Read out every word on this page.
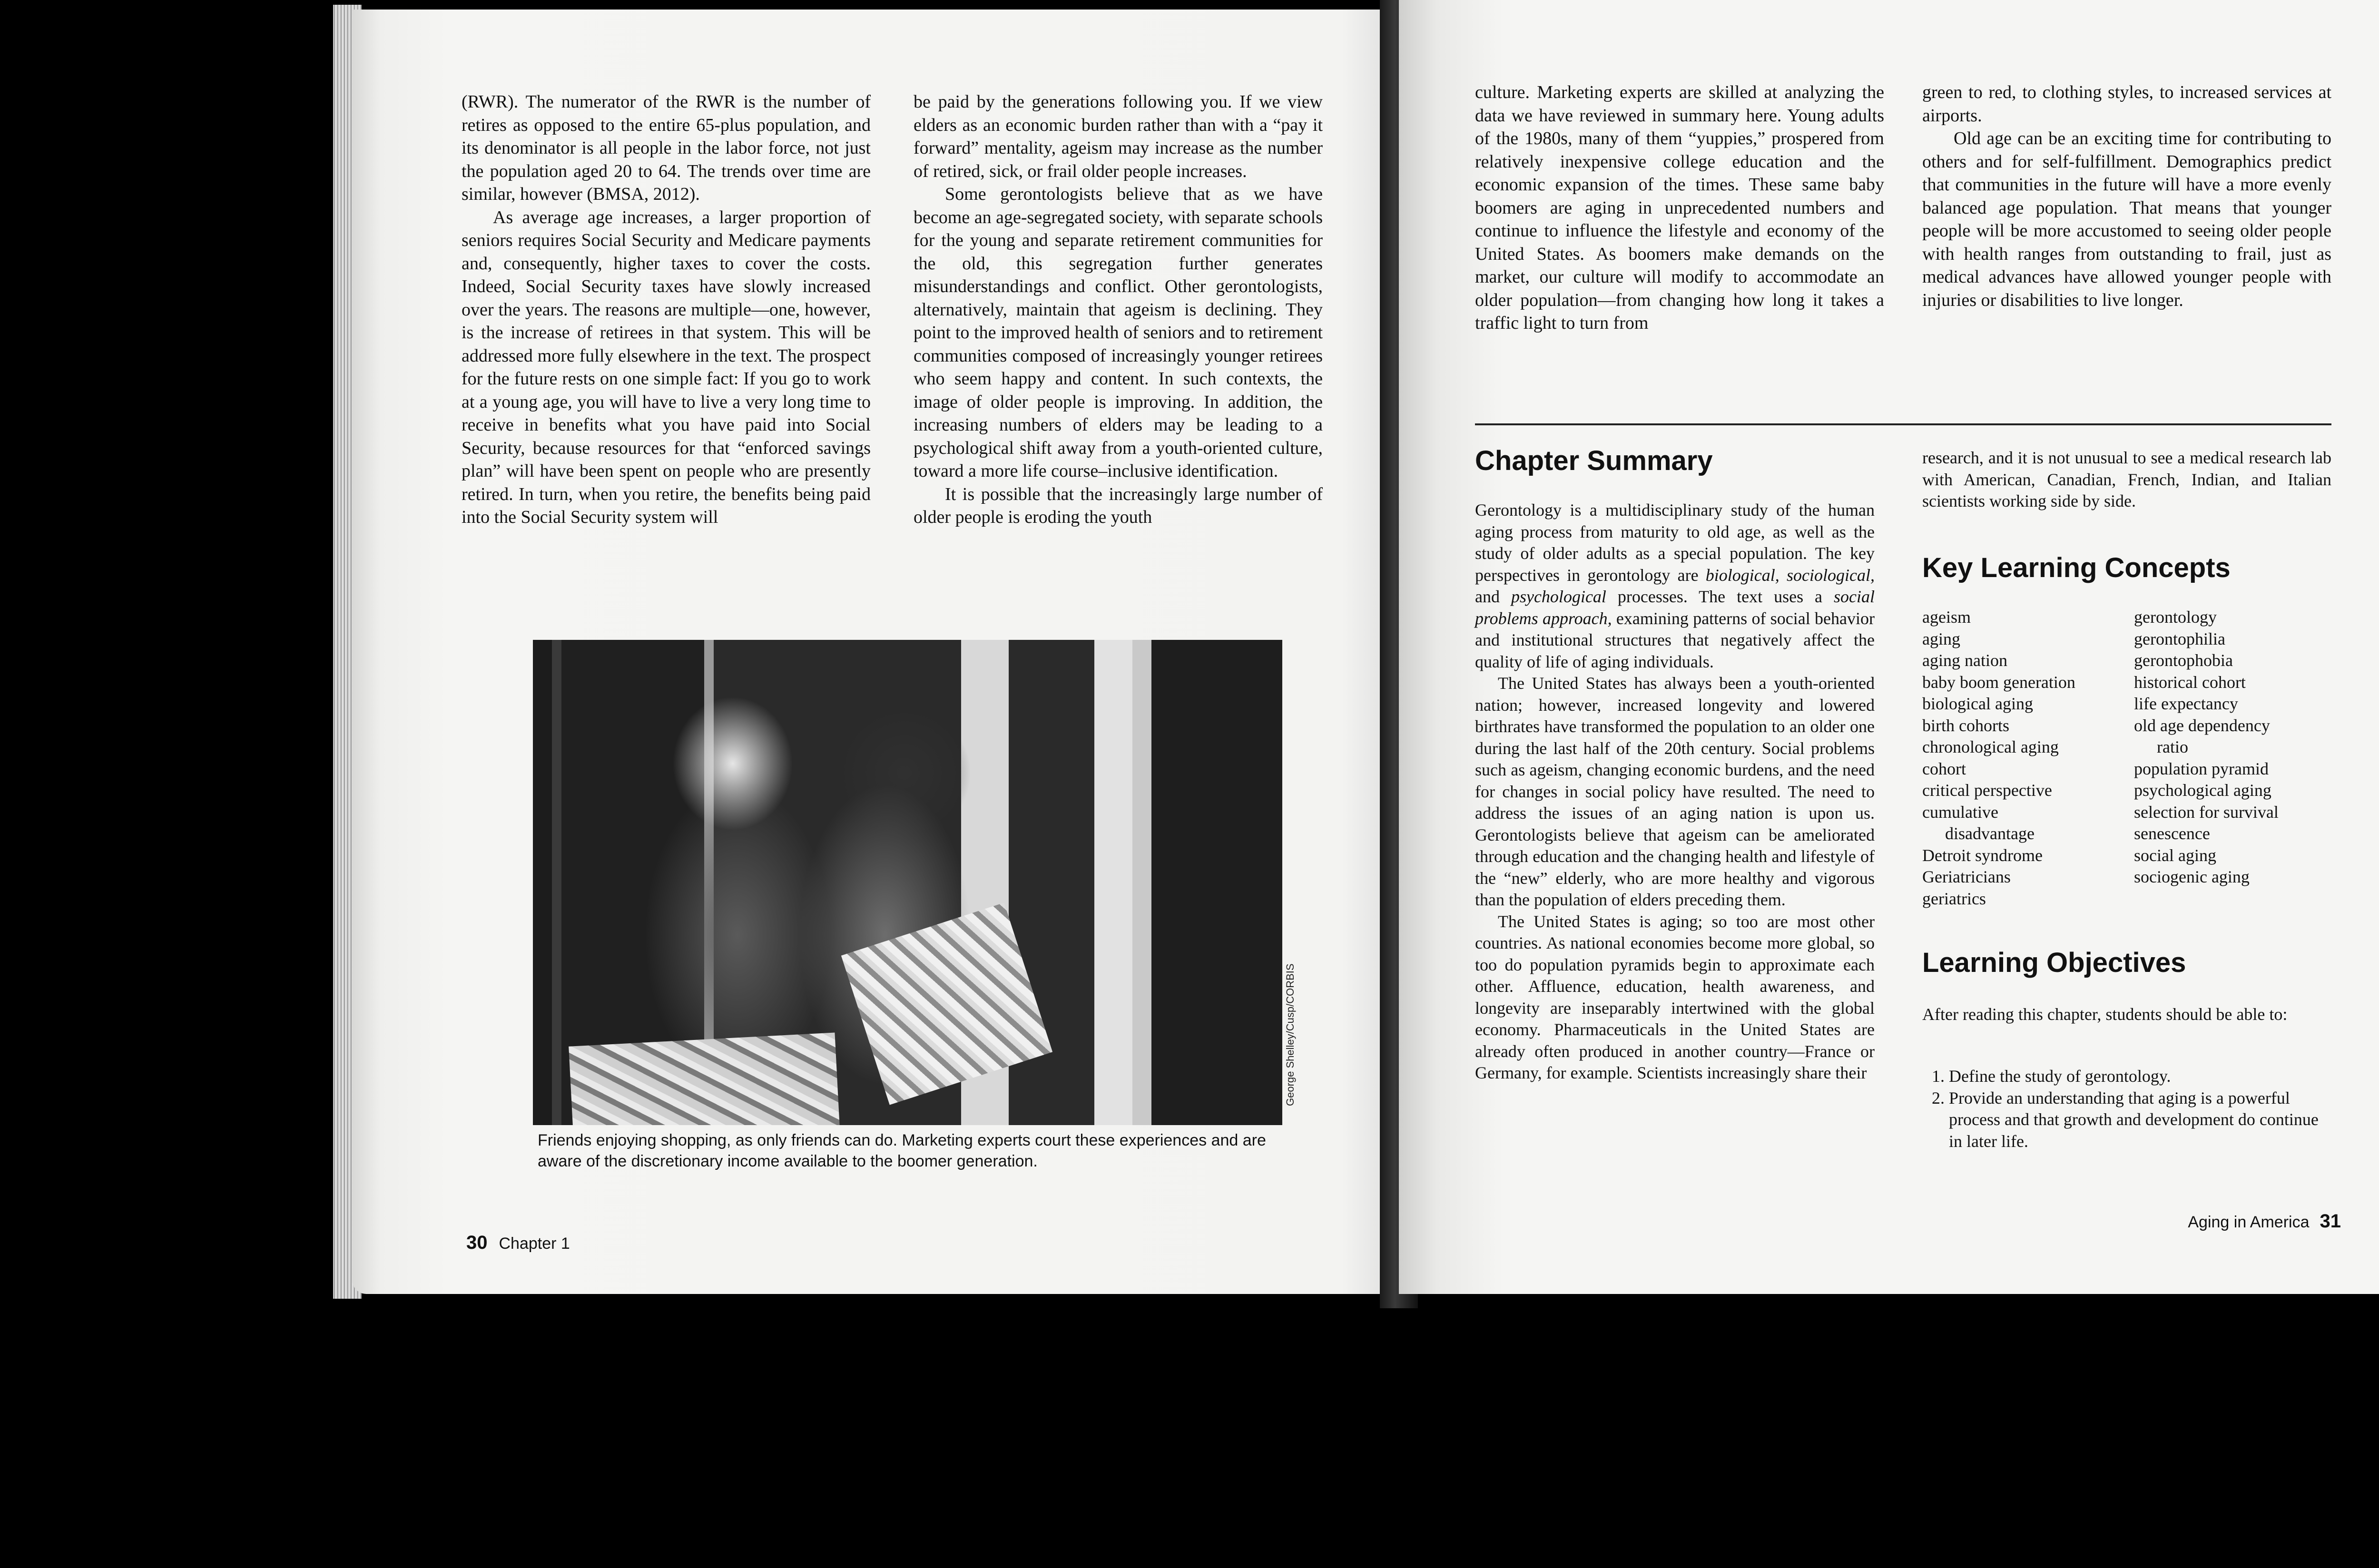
(RWR). The numerator of the RWR is the number of retires as opposed to the entire 65-plus population, and its denominator is all people in the labor force, not just the population aged 20 to 64. The trends over time are similar, however (BMSA, 2012).

As average age increases, a larger proportion of seniors requires Social Security and Medicare payments and, consequently, higher taxes to cover the costs. Indeed, Social Security taxes have slowly increased over the years. The reasons are multiple—one, however, is the increase of retirees in that system. This will be addressed more fully elsewhere in the text. The prospect for the future rests on one simple fact: If you go to work at a young age, you will have to live a very long time to receive in benefits what you have paid into Social Security, because resources for that “enforced savings plan” will have been spent on people who are presently retired. In turn, when you retire, the benefits being paid into the Social Security system will

be paid by the generations following you. If we view elders as an economic burden rather than with a “pay it forward” mentality, ageism may increase as the number of retired, sick, or frail older people increases.

Some gerontologists believe that as we have become an age-segregated society, with separate schools for the young and separate retirement communities for the old, this segregation further generates misunderstandings and conflict. Other gerontologists, alternatively, maintain that ageism is declining. They point to the improved health of seniors and to retirement communities composed of increasingly younger retirees who seem happy and content. In such contexts, the image of older people is improving. In addition, the increasing numbers of elders may be leading to a psychological shift away from a youth-oriented culture, toward a more life course–inclusive identification.

It is possible that the increasingly large number of older people is eroding the youth

George Shelley/Cusp/CORBIS
Friends enjoying shopping, as only friends can do. Marketing experts court these experiences and are aware of the discretionary income available to the boomer generation.
30 Chapter 1

culture. Marketing experts are skilled at analyzing the data we have reviewed in summary here. Young adults of the 1980s, many of them “yuppies,” prospered from relatively inexpensive college education and the economic expansion of the times. These same baby boomers are aging in unprecedented numbers and continue to influence the lifestyle and economy of the United States. As boomers make demands on the market, our culture will modify to accommodate an older population—from changing how long it takes a traffic light to turn from

green to red, to clothing styles, to increased services at airports.

Old age can be an exciting time for contributing to others and for self-fulfillment. Demographics predict that communities in the future will have a more evenly balanced age population. That means that younger people will be more accustomed to seeing older people with health ranges from outstanding to frail, just as medical advances have allowed younger people with injuries or disabilities to live longer.

Chapter Summary

Gerontology is a multidisciplinary study of the human aging process from maturity to old age, as well as the study of older adults as a special population. The key perspectives in gerontology are biological, sociological, and psychological processes. The text uses a social problems approach, examining patterns of social behavior and institutional structures that negatively affect the quality of life of aging individuals.

The United States has always been a youth-oriented nation; however, increased longevity and lowered birthrates have transformed the population to an older one during the last half of the 20th century. Social problems such as ageism, changing economic burdens, and the need for changes in social policy have resulted. The need to address the issues of an aging nation is upon us. Gerontologists believe that ageism can be ameliorated through education and the changing health and lifestyle of the “new” elderly, who are more healthy and vigorous than the population of elders preceding them.

The United States is aging; so too are most other countries. As national economies become more global, so too do population pyramids begin to approximate each other. Affluence, education, health awareness, and longevity are inseparably intertwined with the global economy. Pharmaceuticals in the United States are already often produced in another country—France or Germany, for example. Scientists increasingly share their

research, and it is not unusual to see a medical research lab with American, Canadian, French, Indian, and Italian scientists working side by side.

Key Learning Concepts
ageism
aging
aging nation
baby boom generation
biological aging
birth cohorts
chronological aging
cohort
critical perspective
cumulative
disadvantage
Detroit syndrome
Geriatricians
geriatrics
gerontology
gerontophilia
gerontophobia
historical cohort
life expectancy
old age dependency
ratio
population pyramid
psychological aging
selection for survival
senescence
social aging
sociogenic aging
Learning Objectives

After reading this chapter, students should be able to:

1. Define the study of gerontology.
2. Provide an understanding that aging is a powerful process and that growth and development do continue in later life.
Aging in America 31
